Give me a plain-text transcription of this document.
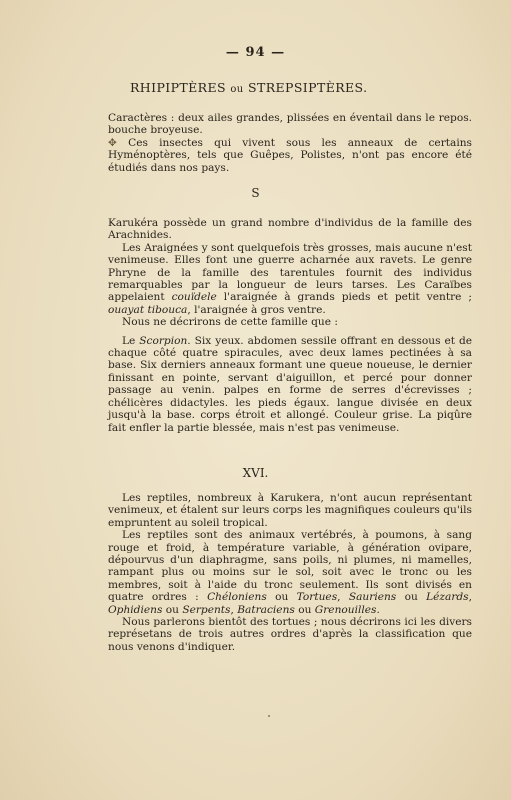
— 94 —
RHIPIPTÈRES ou STREPSIPTÈRES.

Caractères : deux ailes grandes, plissées en éventail dans le repos. bouche broyeuse.

✥ Ces insectes qui vivent sous les anneaux de certains Hyménoptères, tels que Guêpes, Polistes, n'ont pas encore été étudiés dans nos pays.

S

Karukéra possède un grand nombre d'individus de la famille des Arachnides.

Les Araignées y sont quelquefois très grosses, mais aucune n'est venimeuse. Elles font une guerre acharnée aux ravets. Le genre Phryne de la famille des tarentules fournit des individus remarquables par la longueur de leurs tarses. Les Caraïbes appelaient couïdele l'araignée à grands pieds et petit ventre ; ouayat tibouca, l'araignée à gros ventre.

Nous ne décrirons de cette famille que :

Le Scorpion. Six yeux. abdomen sessile offrant en dessous et de chaque côté quatre spiracules, avec deux lames pectinées à sa base. Six derniers anneaux formant une queue noueuse, le dernier finissant en pointe, servant d'aiguillon, et percé pour donner passage au venin. palpes en forme de serres d'écrevisses ; chélicères didactyles. les pieds égaux. langue divisée en deux jusqu'à la base. corps étroit et allongé. Couleur grise. La piqûre fait enfler la partie blessée, mais n'est pas venimeuse.

XVI.

Les reptiles, nombreux à Karukera, n'ont aucun représentant venimeux, et étalent sur leurs corps les magnifiques couleurs qu'ils empruntent au soleil tropical.

Les reptiles sont des animaux vertébrés, à poumons, à sang rouge et froid, à température variable, à génération ovipare, dépourvus d'un diaphragme, sans poils, ni plumes, ni mamelles, rampant plus ou moins sur le sol, soit avec le tronc ou les membres, soit à l'aide du tronc seulement. Ils sont divisés en quatre ordres : Chéloniens ou Tortues, Sauriens ou Lézards, Ophidiens ou Serpents, Batraciens ou Grenouilles.

Nous parlerons bientôt des tortues ; nous décrirons ici les divers représetans de trois autres ordres d'après la classification que nous venons d'indiquer.
